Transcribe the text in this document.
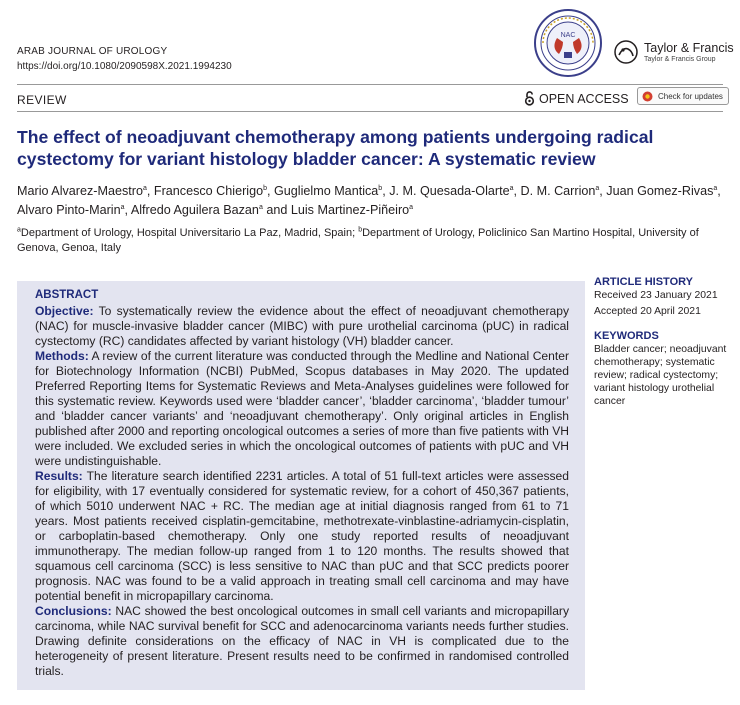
ARAB JOURNAL OF UROLOGY
https://doi.org/10.1080/2090598X.2021.1994230
NAC
Taylor & Francis
Taylor & Francis Group
REVIEW	OPEN ACCESS	Check for updates
The effect of neoadjuvant chemotherapy among patients undergoing radical cystectomy for variant histology bladder cancer: A systematic review

Mario Alvarez-Maestro$^a$, Francesco Chierigo$^b$, Guglielmo Mantica$^b$, J. M. Quesada-Olarte$^a$, D. M. Carrion$^a$, Juan Gomez-Rivas$^a$, Alvaro Pinto-Marin$^a$, Alfredo Aguilera Bazan$^a$ and Luis Martinez-Piñeiro$^a$

$^a$Department of Urology, Hospital Universitario La Paz, Madrid, Spain; $^b$Department of Urology, Policlinico San Martino Hospital, University of Genova, Genoa, Italy

ABSTRACT

Objective: To systematically review the evidence about the effect of neoadjuvant chemotherapy (NAC) for muscle-invasive bladder cancer (MIBC) with pure urothelial carcinoma (pUC) in radical cystectomy (RC) candidates affected by variant histology (VH) bladder cancer.

Methods: A review of the current literature was conducted through the Medline and National Center for Biotechnology Information (NCBI) PubMed, Scopus databases in May 2020. The updated Preferred Reporting Items for Systematic Reviews and Meta-Analyses guidelines were followed for this systematic review. Keywords used were ‘bladder cancer’, ‘bladder carcinoma’, ‘bladder tumour’ and ‘bladder cancer variants’ and ‘neoadjuvant chemotherapy’. Only original articles in English published after 2000 and reporting oncological outcomes a series of more than five patients with VH were included. We excluded series in which the oncological outcomes of patients with pUC and VH were undistinguishable.

Results: The literature search identified 2231 articles. A total of 51 full-text articles were assessed for eligibility, with 17 eventually considered for systematic review, for a cohort of 450,367 patients, of which 5010 underwent NAC + RC. The median age at initial diagnosis ranged from 61 to 71 years. Most patients received cisplatin-gemcitabine, methotrexate-vinblastine-adriamycin-cisplatin, or carboplatin-based chemotherapy. Only one study reported results of neoadjuvant immunotherapy. The median follow-up ranged from 1 to 120 months. The results showed that squamous cell carcinoma (SCC) is less sensitive to NAC than pUC and that SCC predicts poorer prognosis. NAC was found to be a valid approach in treating small cell carcinoma and may have potential benefit in micropapillary carcinoma.

Conclusions: NAC showed the best oncological outcomes in small cell variants and micropapillary carcinoma, while NAC survival benefit for SCC and adenocarcinoma variants needs further studies. Drawing definite considerations on the efficacy of NAC in VH is complicated due to the heterogeneity of present literature. Present results need to be confirmed in randomised controlled trials.

ARTICLE HISTORY

Received 23 January 2021

Accepted 20 April 2021

KEYWORDS

Bladder cancer; neoadjuvant chemotherapy; systematic review; radical cystectomy; variant histology urothelial cancer
